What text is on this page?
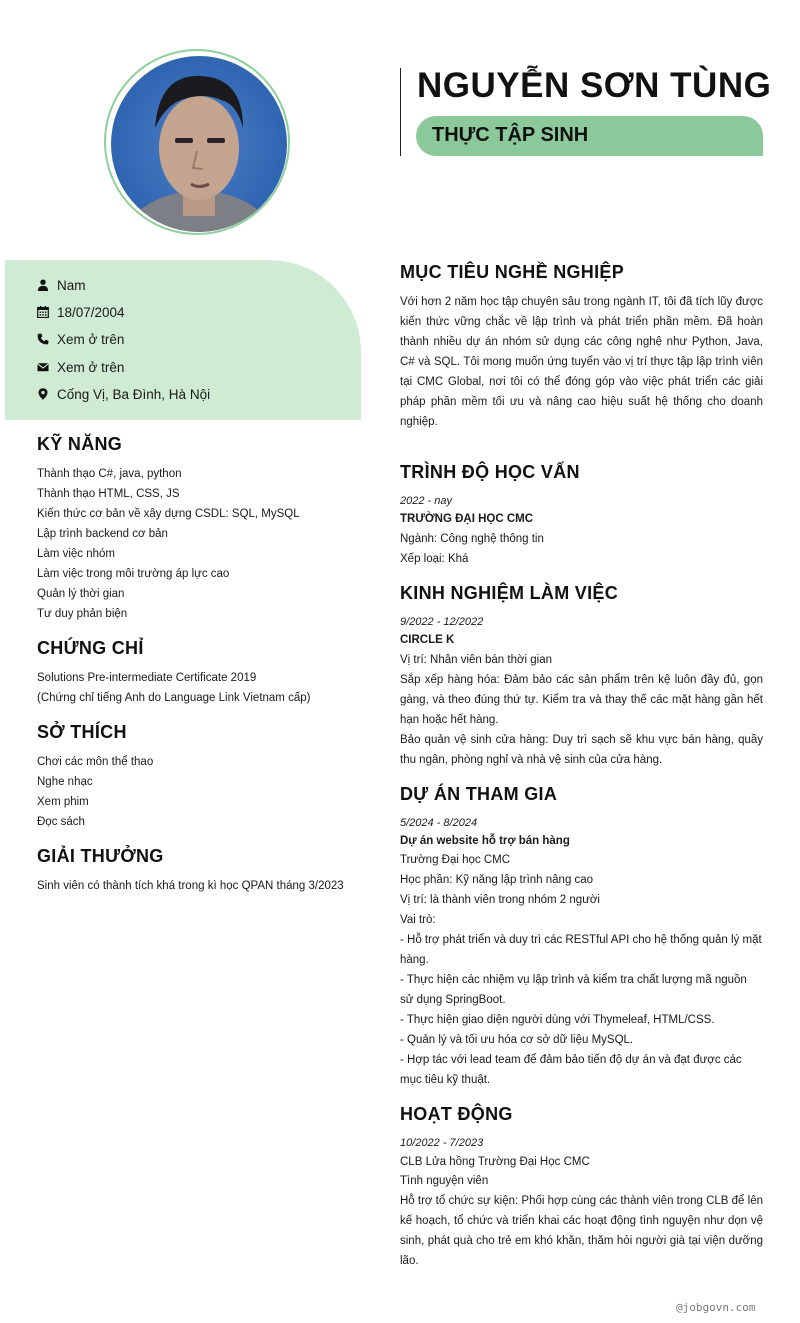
NGUYỄN SƠN TÙNG
THỰC TẬP SINH
Nam
18/07/2004
Xem ở trên
Xem ở trên
Cống Vị, Ba Đình, Hà Nội
KỸ NĂNG
Thành thạo C#, java, python
Thành thạo HTML, CSS, JS
Kiến thức cơ bản về xây dựng CSDL: SQL, MySQL
Lập trình backend cơ bản
Làm việc nhóm
Làm việc trong môi trường áp lực cao
Quản lý thời gian
Tư duy phản biện
CHỨNG CHỈ
Solutions Pre-intermediate Certificate 2019
(Chứng chỉ tiếng Anh do Language Link Vietnam cấp)
SỞ THÍCH
Chơi các môn thể thao
Nghe nhạc
Xem phim
Đọc sách
GIẢI THƯỞNG
Sinh viên có thành tích khá trong kì học QPAN tháng 3/2023
MỤC TIÊU NGHỀ NGHIỆP
Với hơn 2 năm học tập chuyên sâu trong ngành IT, tôi đã tích lũy được kiến thức vững chắc về lập trình và phát triển phần mềm. Đã hoàn thành nhiều dự án nhóm sử dụng các công nghệ như Python, Java, C# và SQL. Tôi mong muốn ứng tuyển vào vị trí thực tập lập trình viên tại CMC Global, nơi tôi có thể đóng góp vào việc phát triển các giải pháp phần mềm tối ưu và nâng cao hiệu suất hệ thống cho doanh nghiệp.
TRÌNH ĐỘ HỌC VẤN
2022 - nay
TRƯỜNG ĐẠI HỌC CMC
Ngành: Công nghệ thông tin
Xếp loại: Khá
KINH NGHIỆM LÀM VIỆC
9/2022 - 12/2022
CIRCLE K
Vị trí: Nhân viên bán thời gian
Sắp xếp hàng hóa: Đảm bảo các sản phẩm trên kệ luôn đầy đủ, gọn gàng, và theo đúng thứ tự. Kiểm tra và thay thế các mặt hàng gần hết hạn hoặc hết hàng.
Bảo quản vệ sinh cửa hàng: Duy trì sạch sẽ khu vực bán hàng, quầy thu ngân, phòng nghỉ và nhà vệ sinh của cửa hàng.
DỰ ÁN THAM GIA
5/2024 - 8/2024
Dự án website hỗ trợ bán hàng
Trường Đại học CMC
Học phần: Kỹ năng lập trình nâng cao
Vị trí: là thành viên trong nhóm 2 người
Vai trò:
- Hỗ trợ phát triển và duy trì các RESTful API cho hệ thống quản lý mặt hàng.
- Thực hiện các nhiệm vụ lập trình và kiểm tra chất lượng mã nguồn sử dụng SpringBoot.
- Thực hiện giao diện người dùng với Thymeleaf, HTML/CSS.
- Quản lý và tối ưu hóa cơ sở dữ liệu MySQL.
- Hợp tác với lead team để đảm bảo tiến độ dự án và đạt được các mục tiêu kỹ thuật.
HOẠT ĐỘNG
10/2022 - 7/2023
CLB Lửa hồng Trường Đại Học CMC
Tình nguyện viên
Hỗ trợ tổ chức sự kiện: Phối hợp cùng các thành viên trong CLB để lên kế hoạch, tổ chức và triển khai các hoạt động tình nguyện như dọn vệ sinh, phát quà cho trẻ em khó khăn, thăm hỏi người già tại viện dưỡng lão.
@jobgovn.com
